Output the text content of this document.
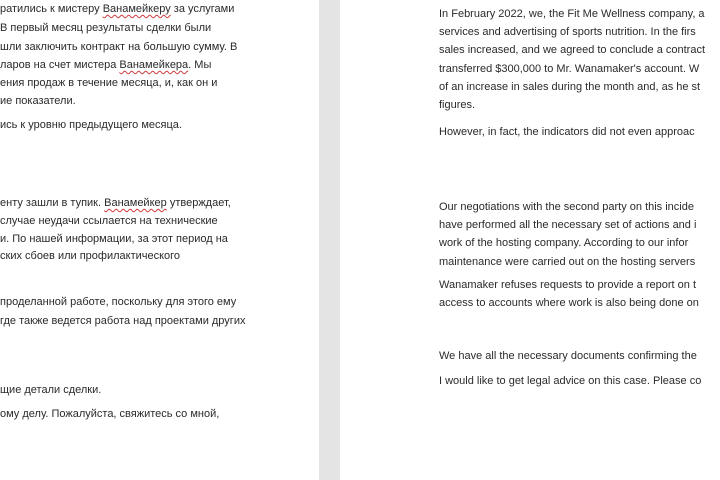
ратились к мистеру Ванамейкеру за услугами
В первый месяц результаты сделки были
шли заключить контракт на большую сумму. В
ларов на счет мистера Ванамейкера. Мы
ения продаж в течение месяца, и, как он и
ие показатели.
ись к уровню предыдущего месяца.
енту зашли в тупик. Ванамейкер утверждает,
случае неудачи ссылается на технические
и. По нашей информации, за этот период на
ских сбоев или профилактического
проделанной работе, поскольку для этого ему
где также ведется работа над проектами других
щие детали сделки.
ому делу. Пожалуйста, свяжитесь со мной,
In February 2022, we, the Fit Me Wellness company, a
services and advertising of sports nutrition. In the firs
sales increased, and we agreed to conclude a contract
transferred $300,000 to Mr. Wanamaker's account. W
of an increase in sales during the month and, as he st
figures.
However, in fact, the indicators did not even approac
Our negotiations with the second party on this incide
have performed all the necessary set of actions and i
work of the hosting company. According to our infor
maintenance were carried out on the hosting servers
Wanamaker refuses requests to provide a report on t
access to accounts where work is also being done on
We have all the necessary documents confirming the
I would like to get legal advice on this case. Please co
